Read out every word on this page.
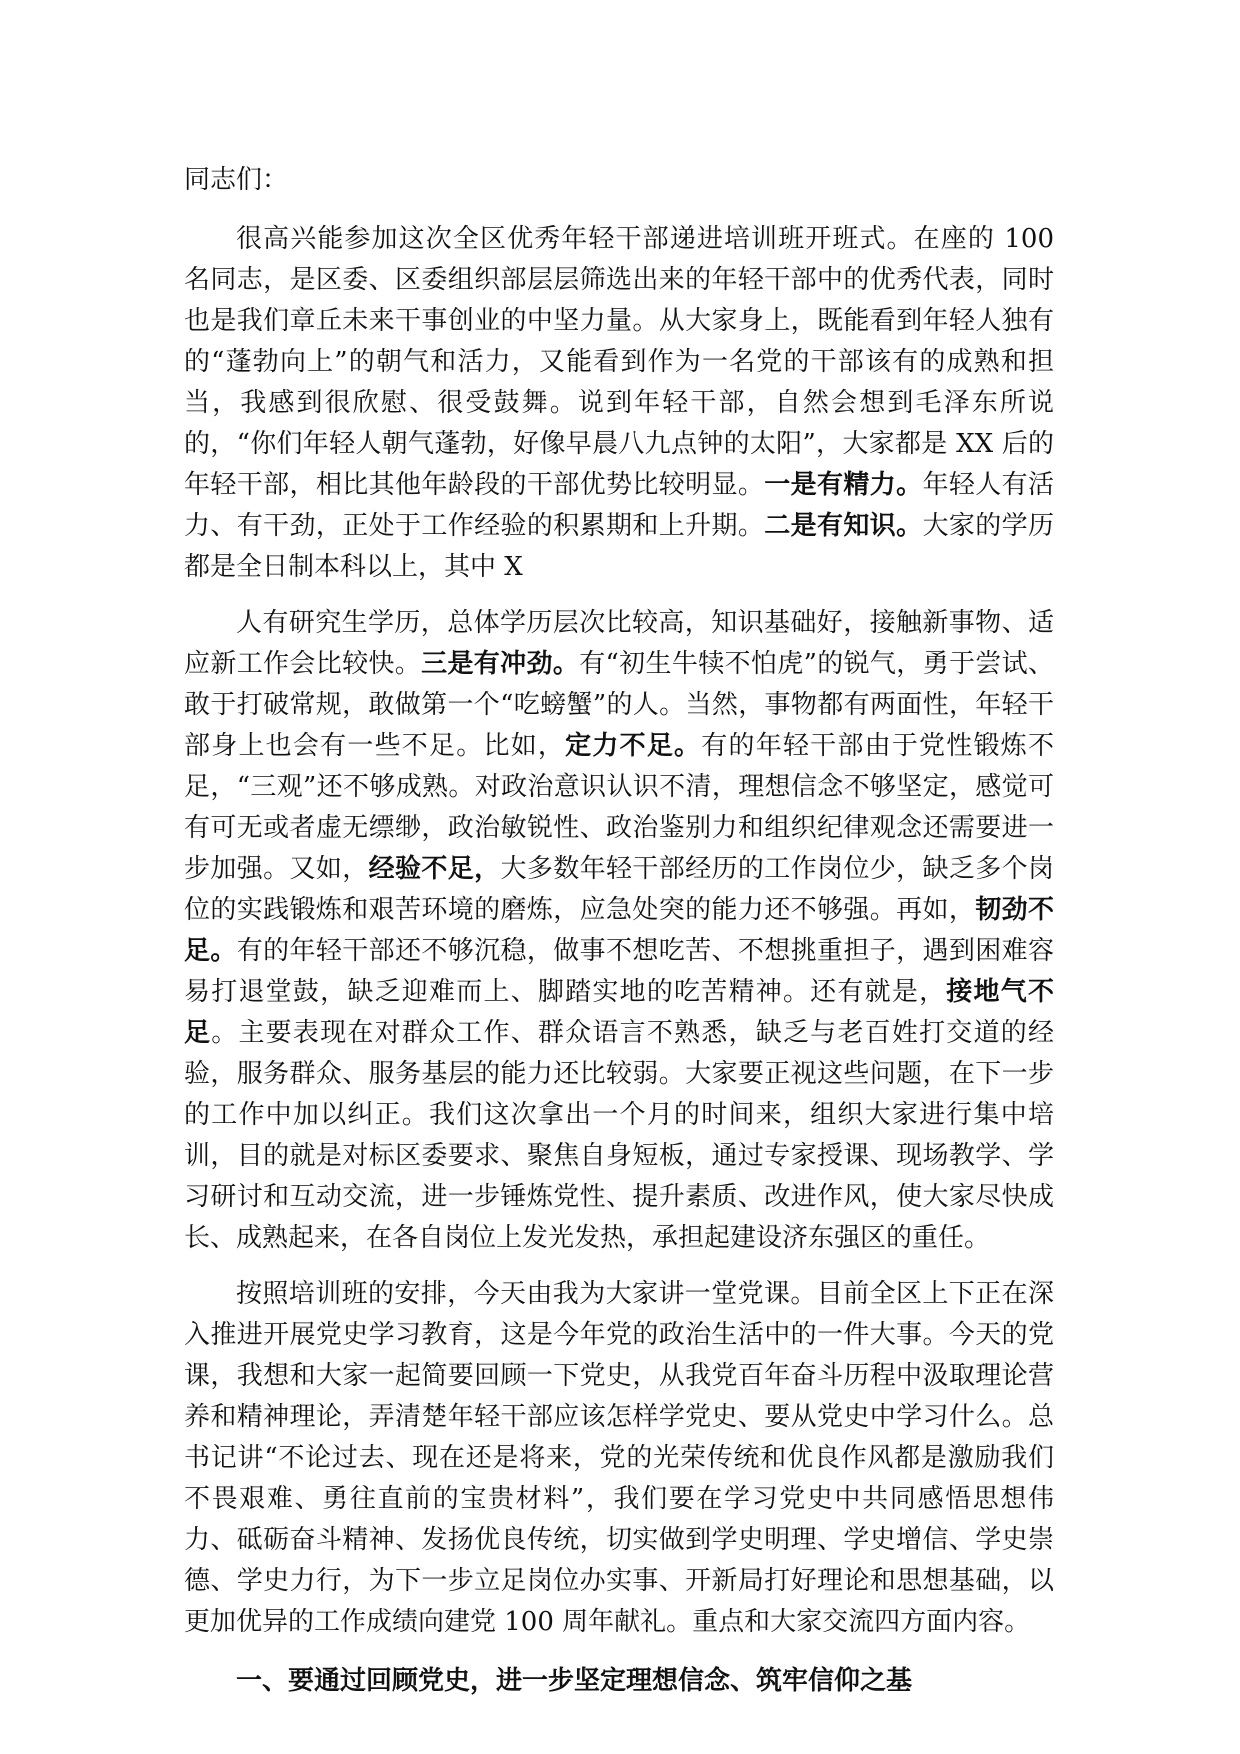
同志们：

很高兴能参加这次全区优秀年轻干部递进培训班开班式。在座的 100 名同志，是区委、区委组织部层层筛选出来的年轻干部中的优秀代表，同时也是我们章丘未来干事创业的中坚力量。从大家身上，既能看到年轻人独有的“蓬勃向上”的朝气和活力，又能看到作为一名党的干部该有的成熟和担当，我感到很欣慰、很受鼓舞。说到年轻干部，自然会想到毛泽东所说的，“你们年轻人朝气蓬勃，好像早晨八九点钟的太阳”，大家都是 XX 后的年轻干部，相比其他年龄段的干部优势比较明显。一是有精力。年轻人有活力、有干劲，正处于工作经验的积累期和上升期。二是有知识。大家的学历都是全日制本科以上，其中 X

人有研究生学历，总体学历层次比较高，知识基础好，接触新事物、适应新工作会比较快。三是有冲劲。有“初生牛犊不怕虎”的锐气，勇于尝试、敢于打破常规，敢做第一个“吃螃蟹”的人。当然，事物都有两面性，年轻干部身上也会有一些不足。比如，定力不足。有的年轻干部由于党性锻炼不足，“三观”还不够成熟。对政治意识认识不清，理想信念不够坚定，感觉可有可无或者虚无缥缈，政治敏锐性、政治鉴别力和组织纪律观念还需要进一步加强。又如，经验不足，大多数年轻干部经历的工作岗位少，缺乏多个岗位的实践锻炼和艰苦环境的磨炼，应急处突的能力还不够强。再如，韧劲不足。有的年轻干部还不够沉稳，做事不想吃苦、不想挑重担子，遇到困难容易打退堂鼓，缺乏迎难而上、脚踏实地的吃苦精神。还有就是，接地气不足。主要表现在对群众工作、群众语言不熟悉，缺乏与老百姓打交道的经验，服务群众、服务基层的能力还比较弱。大家要正视这些问题，在下一步的工作中加以纠正。我们这次拿出一个月的时间来，组织大家进行集中培训，目的就是对标区委要求、聚焦自身短板，通过专家授课、现场教学、学习研讨和互动交流，进一步锤炼党性、提升素质、改进作风，使大家尽快成长、成熟起来，在各自岗位上发光发热，承担起建设济东强区的重任。

按照培训班的安排，今天由我为大家讲一堂党课。目前全区上下正在深入推进开展党史学习教育，这是今年党的政治生活中的一件大事。今天的党课，我想和大家一起简要回顾一下党史，从我党百年奋斗历程中汲取理论营养和精神理论，弄清楚年轻干部应该怎样学党史、要从党史中学习什么。总书记讲“不论过去、现在还是将来，党的光荣传统和优良作风都是激励我们不畏艰难、勇往直前的宝贵材料”，我们要在学习党史中共同感悟思想伟力、砥砺奋斗精神、发扬优良传统，切实做到学史明理、学史增信、学史崇德、学史力行，为下一步立足岗位办实事、开新局打好理论和思想基础，以更加优异的工作成绩向建党 100 周年献礼。重点和大家交流四方面内容。

一、要通过回顾党史，进一步坚定理想信念、筑牢信仰之基
